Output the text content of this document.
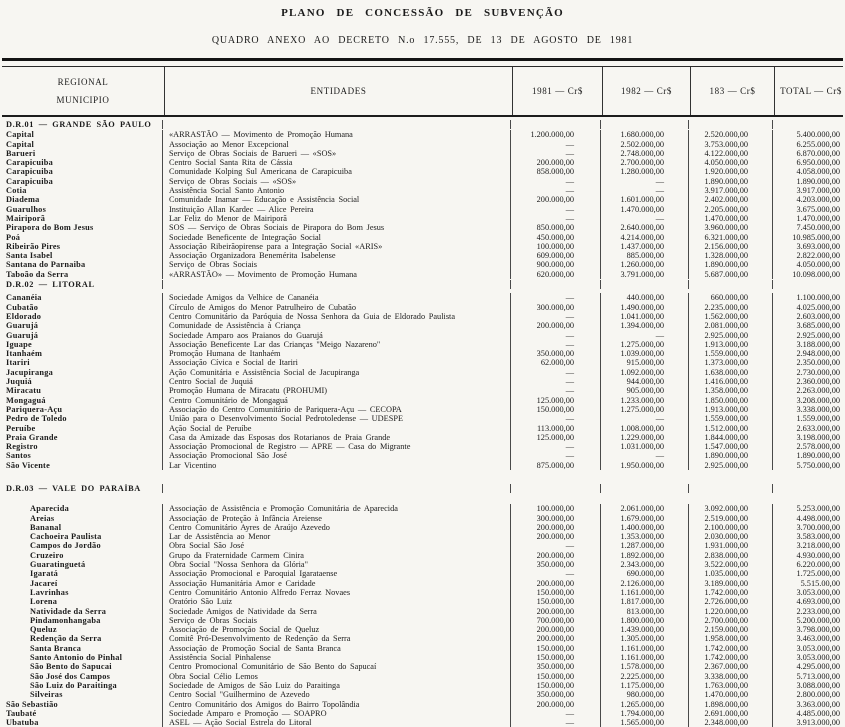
PLANO DE CONCESSÃO DE SUBVENÇÃO
QUADRO ANEXO AO DECRETO N.o 17.555, DE 13 DE AGOSTO DE 1981
REGIONAL
MUNICIPIO
ENTIDADES	1981 — Cr$	1982 — Cr$	183 — Cr$	TOTAL — Cr$
D.R.01 — GRANDE SÃO PAULO
Capital	«ARRASTÃO — Movimento de Promoção Humana	1.200.000,00	1.680.000,00	2.520.000,00	5.400.000,00
Capital	Associação ao Menor Excepcional	—	2.502.000,00	3.753.000,00	6.255.000,00
Barueri	Serviço de Obras Sociais de Barueri — «SOS»	—	2.748.000,00	4.122.000,00	6.870.000,00
Carapicuiba	Centro Social Santa Rita de Cássia	200.000,00	2.700.000,00	4.050.000,00	6.950.000,00
Carapicuiba	Comunidade Kolping Sul Americana de Carapicuiba	858.000,00	1.280.000,00	1.920.000,00	4.058.000,00
Carapicuiba	Serviço de Obras Sociais — «SOS»	—	—	1.890.000,00	1.890.000,00
Cotia	Assistência Social Santo Antonio	—	—	3.917.000,00	3.917.000,00
Diadema	Comunidade Inamar — Educação e Assistência Social	200.000,00	1.601.000,00	2.402.000,00	4.203.000,00
Guarulhos	Instituição Allan Kardec — Alice Pereira	—	1.470.000,00	2.205.000,00	3.675.000,00
Mairiporã	Lar Feliz do Menor de Mairiporã	—	—	1.470.000,00	1.470.000,00
Pirapora do Bom Jesus	SOS — Serviço de Obras Sociais de Pirapora do Bom Jesus	850.000,00	2.640.000,00	3.960.000,00	7.450.000,00
Poá	Sociedade Beneficente de Integração Social	450.000,00	4.214.000,00	6.321.000,00	10.985.000,00
Ribeirão Pires	Associação Ribeirãopirense para a Integração Social «ARIS»	100.000,00	1.437.000,00	2.156.000,00	3.693.000,00
Santa Isabel	Associação Organizadora Benemérita Isabelense	609.000,00	885.000,00	1.328.000,00	2.822.000,00
Santana do Parnaiba	Serviço de Obras Sociais	900.000,00	1.260.000,00	1.890.000,00	4.050.000,00
Taboão da Serra	«ARRASTÃO» — Movimento de Promoção Humana	620.000,00	3.791.000,00	5.687.000,00	10.098.000,00
D.R.02 — LITORAL
Cananéia	Sociedade Amigos da Velhice de Cananéia	—	440.000,00	660.000,00	1.100.000,00
Cubatão	Círculo de Amigos do Menor Patrulheiro de Cubatão	300.000,00	1.490.000,00	2.235.000,00	4.025.000,00
Eldorado	Centro Comunitário da Paróquia de Nossa Senhora da Guia de Eldorado Paulista	—	1.041.000,00	1.562.000,00	2.603.000,00
Guarujá	Comunidade de Assistência à Criança	200.000,00	1.394.000,00	2.081.000,00	3.685.000,00
Guarujá	Sociedade Amparo aos Praianos do Guarujá	—	—	2.925.000,00	2.925.000,00
Iguape	Associação Beneficente Lar das Crianças "Meigo Nazareno"	—	1.275.000,00	1.913.000,00	3.188.000,00
Itanhaém	Promoção Humana de Itanhaém	350.000,00	1.039.000,00	1.559.000,00	2.948.000,00
Itariri	Associação Cívica e Social de Itariri	62.000,00	915.000,00	1.373.000,00	2.350.000,00
Jacupiranga	Ação Comunitária e Assistência Social de Jacupiranga	—	1.092.000,00	1.638.000,00	2.730.000,00
Juquiá	Centro Social de Juquiá	—	944.000,00	1.416.000,00	2.360.000,00
Miracatu	Promoção Humana de Miracatu (PROHUMI)	—	905.000,00	1.358.000,00	2.263.000,00
Mongaguá	Centro Comunitário de Mongaguá	125.000,00	1.233.000,00	1.850.000,00	3.208.000,00
Pariquera-Açu	Associação do Centro Comunitário de Pariquera-Açu — CECOPA	150.000,00	1.275.000,00	1.913.000,00	3.338.000,00
Pedro de Toledo	União para o Desenvolvimento Social Pedrotoledense — UDESPE	—	—	1.559.000,00	1.559.000,00
Peruíbe	Ação Social de Peruíbe	113.000,00	1.008.000,00	1.512.000,00	2.633.000,00
Praia Grande	Casa da Amizade das Esposas dos Rotarianos de Praia Grande	125.000,00	1.229.000,00	1.844.000,00	3.198.000,00
Registro	Associação Promocional de Registro — APRE — Casa do Migrante	—	1.031.000,00	1.547.000,00	2.578.000,00
Santos	Associação Promocional São José	—	—	1.890.000,00	1.890.000,00
São Vicente	Lar Vicentino	875.000,00	1.950.000,00	2.925.000,00	5.750.000,00
D.R.03 — VALE DO PARAÍBA
Aparecida	Associação de Assistência e Promoção Comunitária de Aparecida	100.000,00	2.061.000,00	3.092.000,00	5.253.000,00
Areias	Associação de Proteção à Infância Areiense	300.000,00	1.679.000,00	2.519.000,00	4.498.000,00
Bananal	Centro Comunitário Ayres de Araújo Azevedo	200.000,00	1.400.000,00	2.100.000,00	3.700.000,00
Cachoeira Paulista	Lar de Assistência ao Menor	200.000,00	1.353.000,00	2.030.000,00	3.583.000,00
Campos do Jordão	Obra Social São José	—	1.287.000,00	1.931.000,00	3.218.000,00
Cruzeiro	Grupo da Fraternidade Carmem Cinira	200.000,00	1.892.000,00	2.838.000,00	4.930.000,00
Guaratinguetá	Obra Social "Nossa Senhora da Glória"	350.000,00	2.343.000,00	3.522.000,00	6.220.000,00
Igaratá	Associação Promocional e Paroquial Igarataense	—	690.000,00	1.035.000,00	1.725.000,00
Jacareí	Associação Humanitária Amor e Caridade	200.000,00	2.126.000,00	3.189.000,00	5.515.00,00
Lavrinhas	Centro Comunitário Antonio Alfredo Ferraz Novaes	150.000,00	1.161.000,00	1.742.000,00	3.053.000,00
Lorena	Oratório São Luiz	150.000,00	1.817.000,00	2.726.000,00	4.693.000,00
Natividade da Serra	Sociedade Amigos de Natividade da Serra	200.000,00	813.000,00	1.220.000,00	2.233.000,00
Pindamonhangaba	Serviço de Obras Sociais	700.000,00	1.800.000,00	2.700.000,00	5.200.000,00
Queluz	Associação de Promoção Social de Queluz	200.000,00	1.439.000,00	2.159.000,00	3.798.000,00
Redenção da Serra	Comitê Pró-Desenvolvimento de Redenção da Serra	200.000,00	1.305.000,00	1.958.000,00	3.463.000,00
Santa Branca	Associação de Promoção Social de Santa Branca	150.000,00	1.161.000,00	1.742.000,00	3.053.000,00
Santo Antonio do Pinhal	Assistência Social Pinhalense	150.000,00	1.161.000,00	1.742.000,00	3.053.000,00
São Bento do Sapucai	Centro Promocional Comunitário de São Bento do Sapucaí	350.000,00	1.578.000,00	2.367.000,00	4.295.000,00
São José dos Campos	Obra Social Célio Lemos	150.000,00	2.225.000,00	3.338.000,00	5.713.000,00
São Luiz do Paraitinga	Sociedade de Amigos de São Luiz do Paraitinga	150.000,00	1.175.000,00	1.763.000,00	3.088.000,00
Silveiras	Centro Social "Guilhermino de Azevedo	350.000,00	980.000,00	1.470.000,00	2.800.000,00
São Sebastião	Centro Comunitário dos Amigos do Bairro Topolândia	200.000,00	1.265.000,00	1.898.000,00	3.363.000,00
Taubaté	Sociedade Amparo e Promoção — SOAPRO	—	1.794.000,00	2.691.000,00	4.485.000,00
Ubatuba	ASEL — Ação Social Estrela do Litoral	—	1.565.000,00	2.348.000,00	3.913.000,00
